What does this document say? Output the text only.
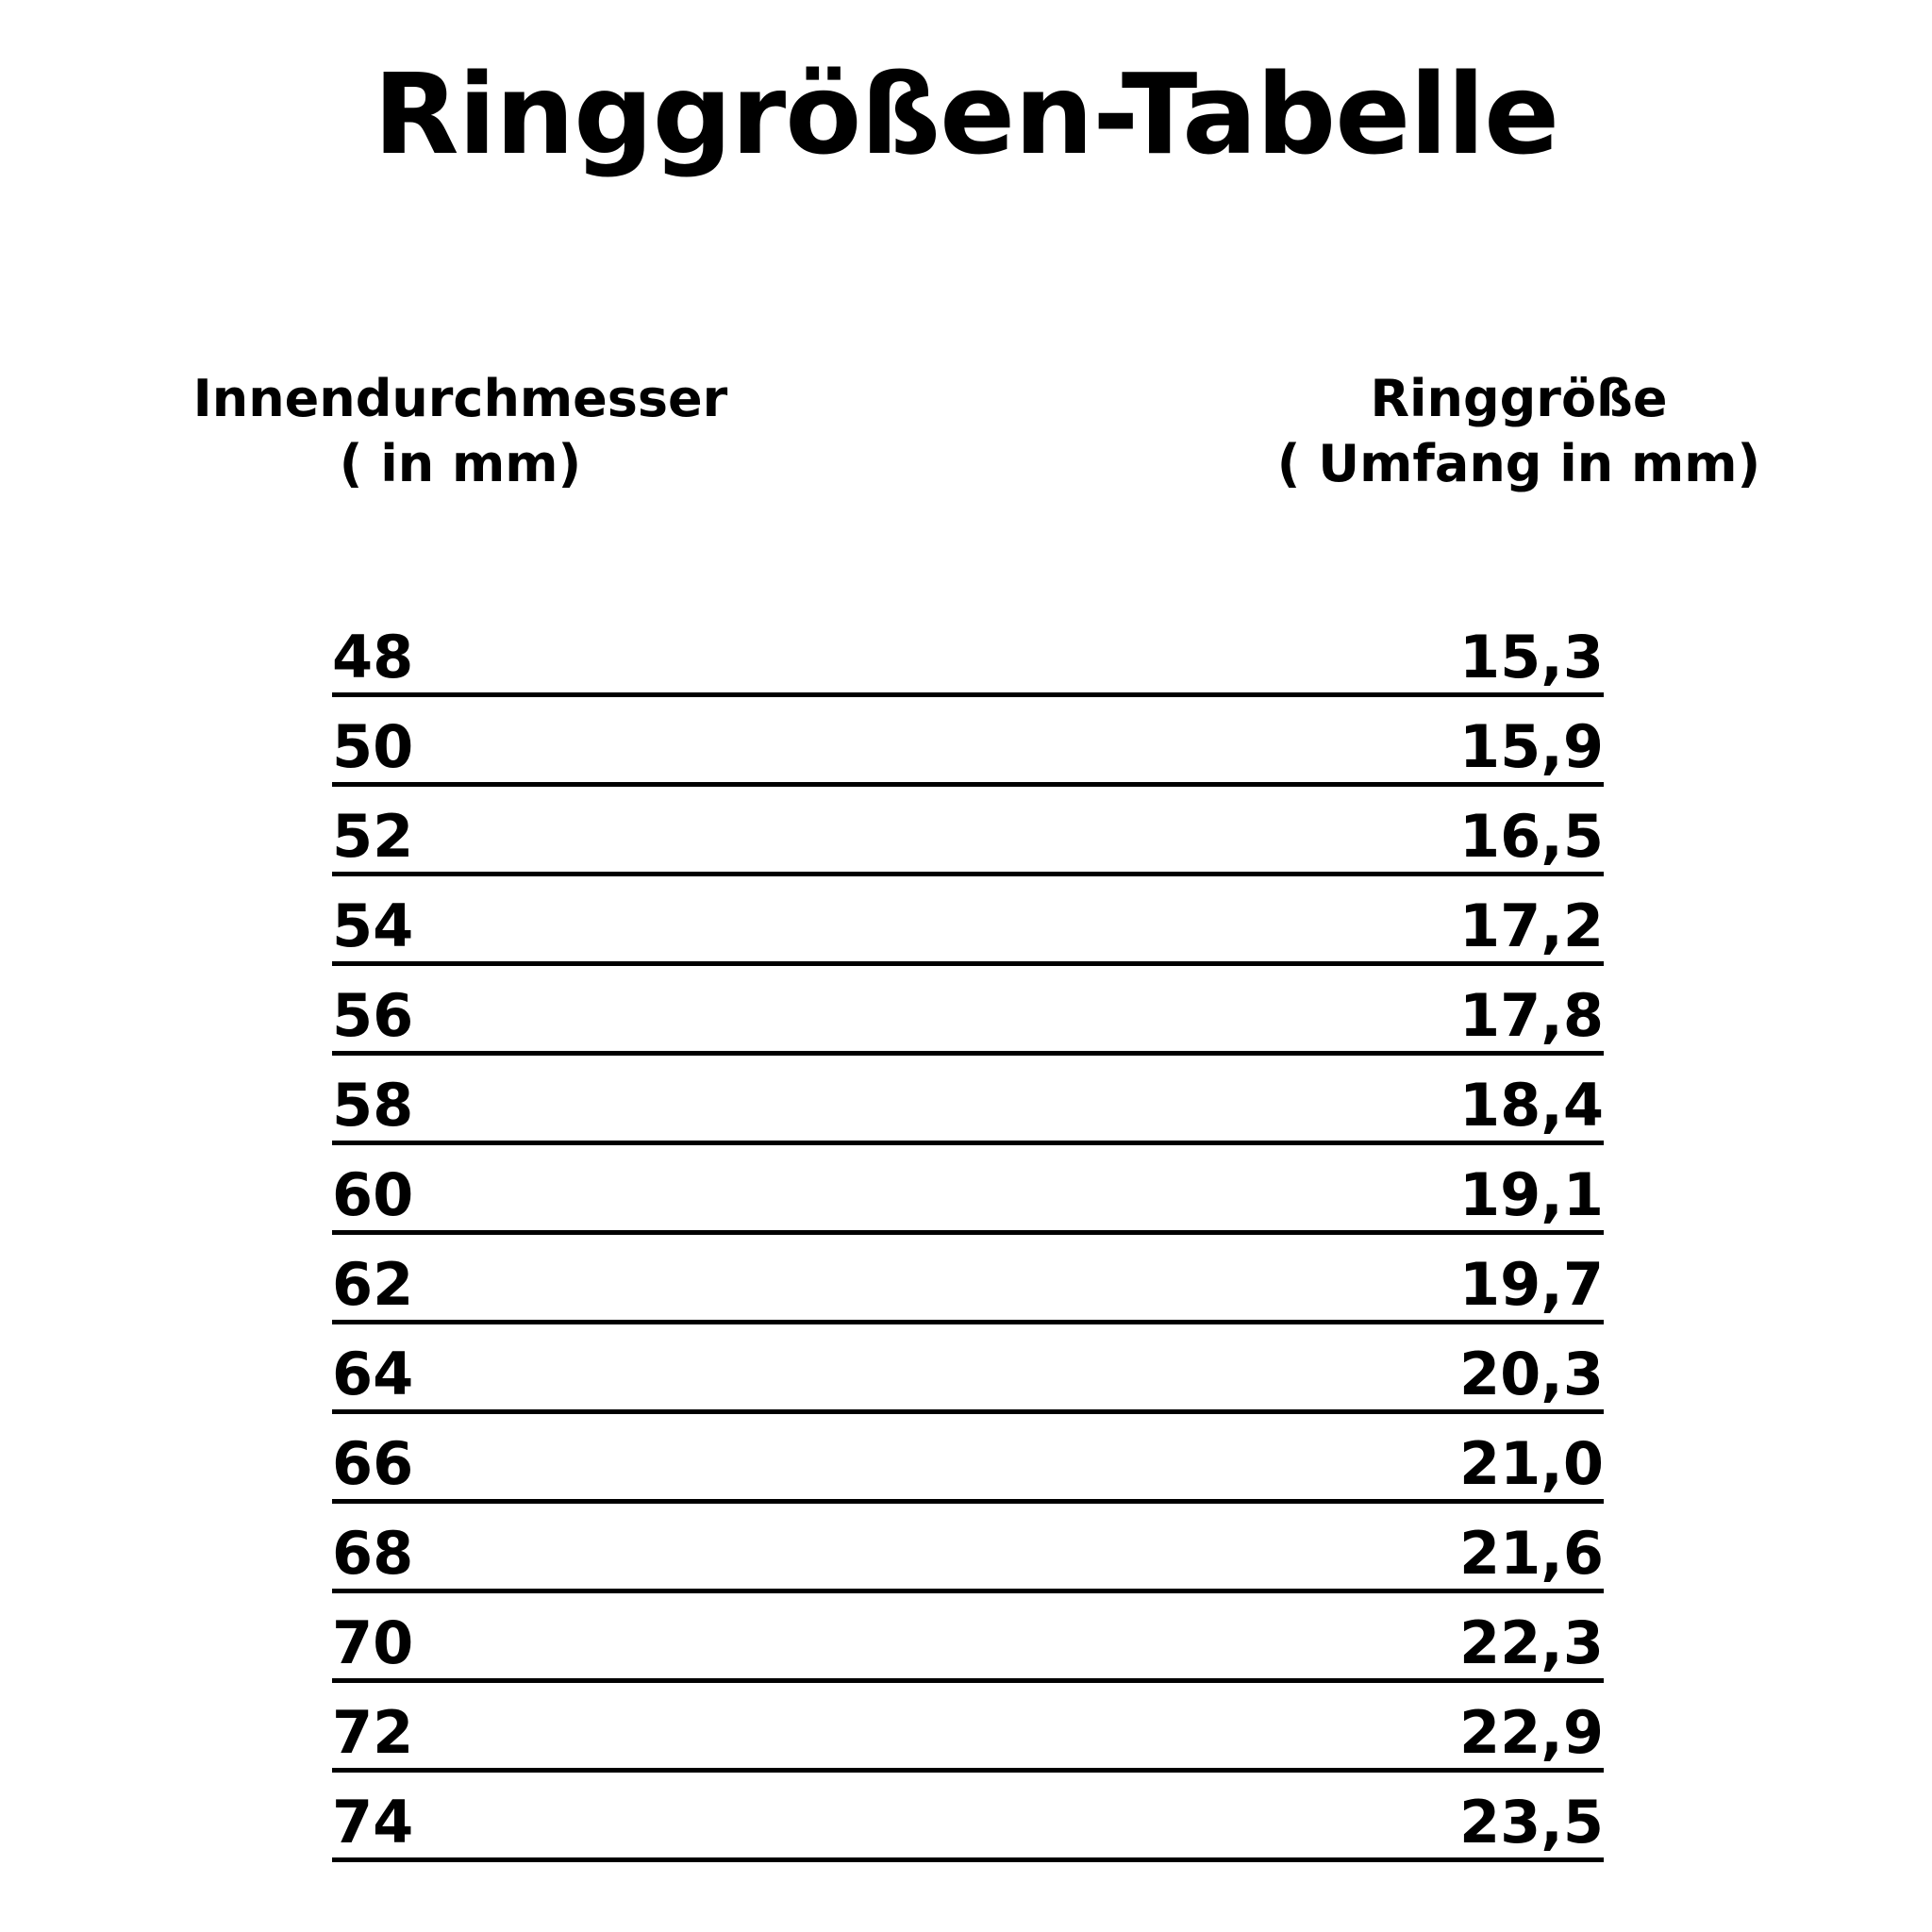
Ringgrößen-Tabelle
Innendurchmesser
( in mm)
Ringgröße
( Umfang in mm)
48	15,3
50	15,9
52	16,5
54	17,2
56	17,8
58	18,4
60	19,1
62	19,7
64	20,3
66	21,0
68	21,6
70	22,3
72	22,9
74	23,5
